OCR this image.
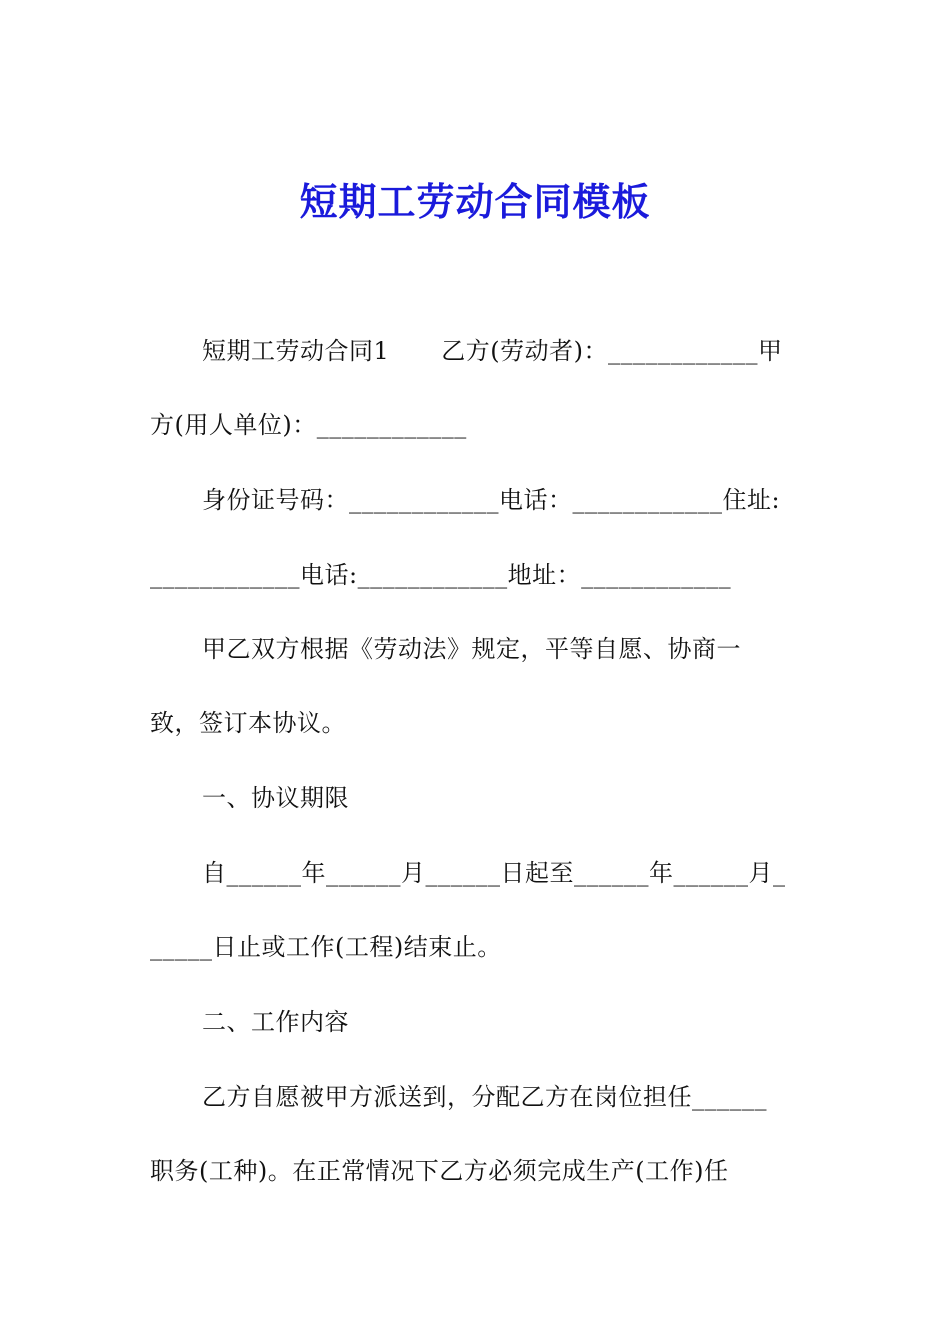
短期工劳动合同模板
短期工劳动合同1 乙方(劳动者)：____________甲
方(用人单位)：____________
身份证号码：____________电话：____________住址:
____________电话:____________地址：____________
甲乙双方根据《劳动法》规定，平等自愿、协商一
致，签订本协议。
一、协议期限
自______年______月______日起至______年______月_
_____日止或工作(工程)结束止。
二、工作内容
乙方自愿被甲方派送到，分配乙方在岗位担任______
职务(工种)。在正常情况下乙方必须完成生产(工作)任
